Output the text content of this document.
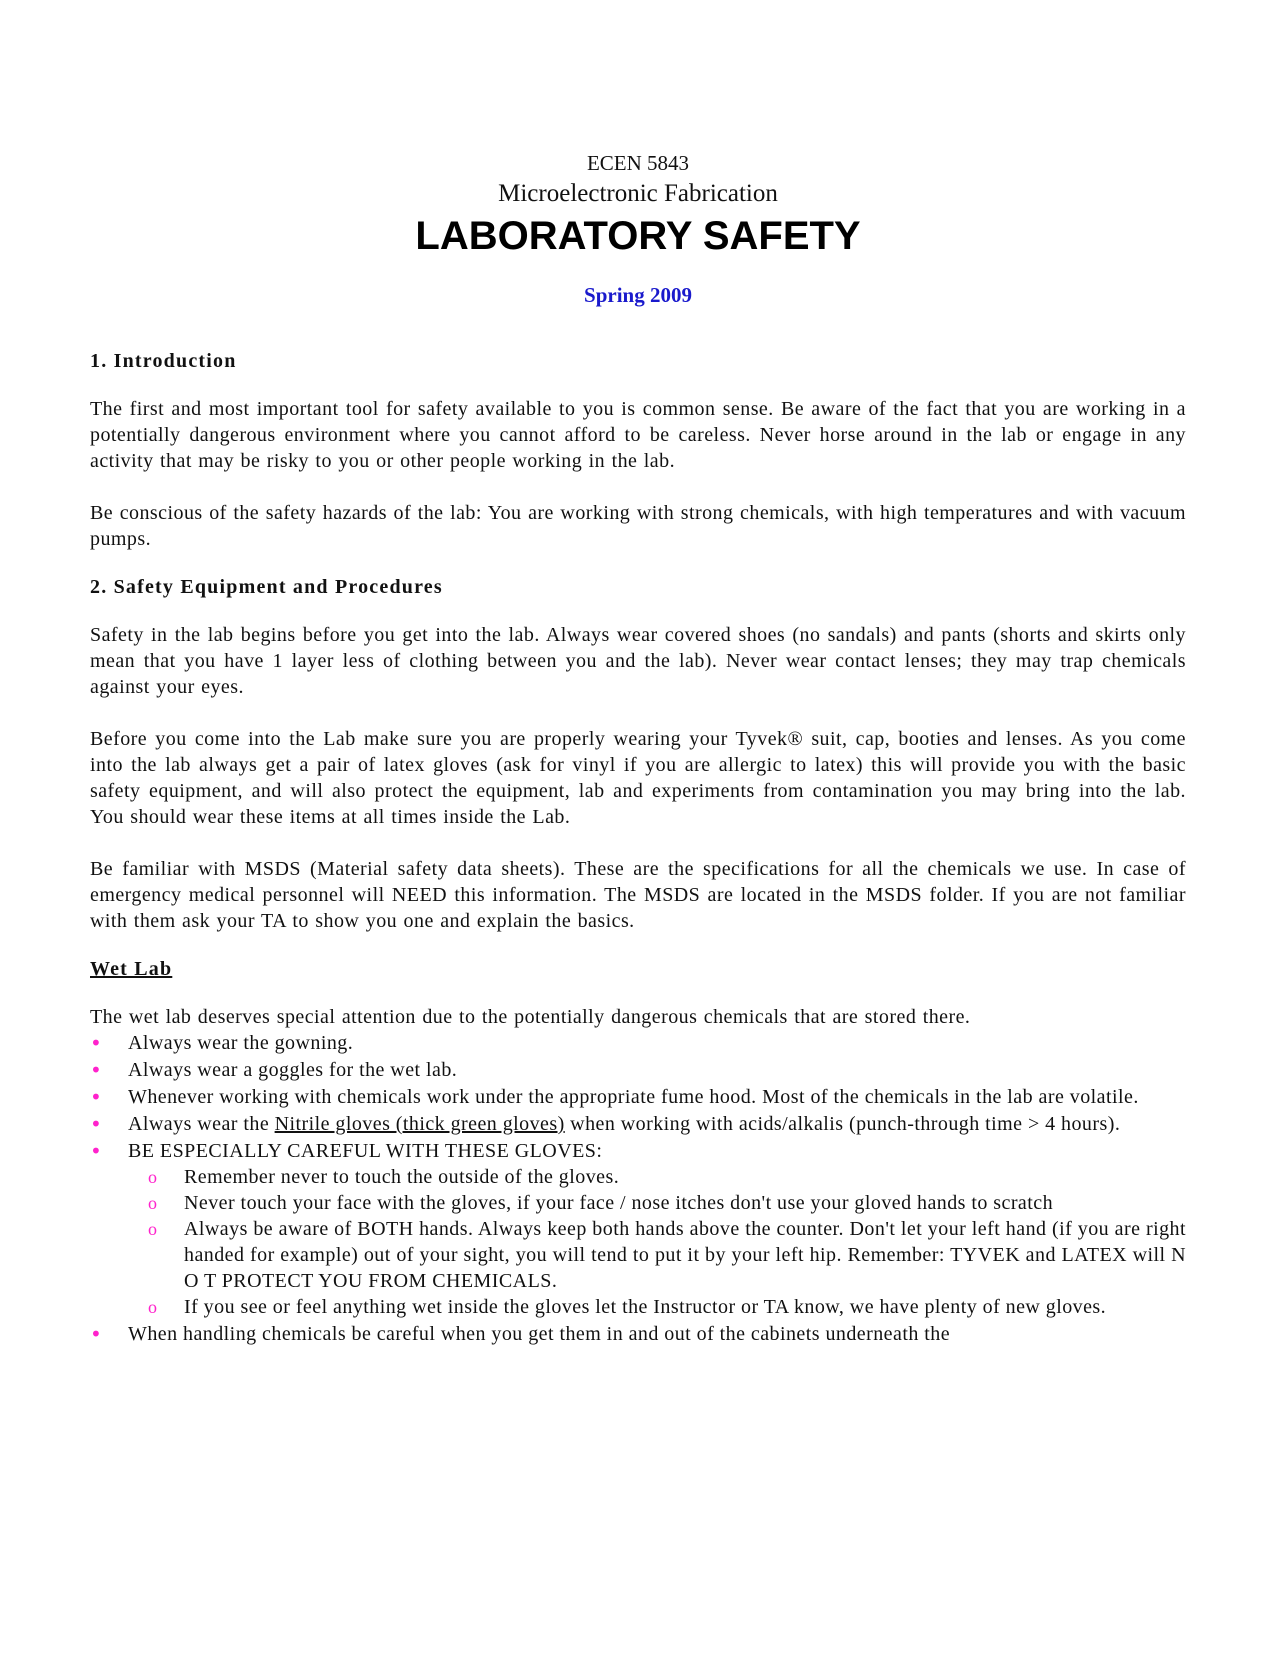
ECEN 5843
Microelectronic Fabrication
LABORATORY SAFETY
Spring 2009
1. Introduction

The first and most important tool for safety available to you is common sense. Be aware of the fact that you are working in a potentially dangerous environment where you cannot afford to be careless. Never horse around in the lab or engage in any activity that may be risky to you or other people working in the lab.

Be conscious of the safety hazards of the lab: You are working with strong chemicals, with high temperatures and with vacuum pumps.

2. Safety Equipment and Procedures

Safety in the lab begins before you get into the lab. Always wear covered shoes (no sandals) and pants (shorts and skirts only mean that you have 1 layer less of clothing between you and the lab). Never wear contact lenses; they may trap chemicals against your eyes.

Before you come into the Lab make sure you are properly wearing your Tyvek® suit, cap, booties and lenses. As you come into the lab always get a pair of latex gloves (ask for vinyl if you are allergic to latex) this will provide you with the basic safety equipment, and will also protect the equipment, lab and experiments from contamination you may bring into the lab. You should wear these items at all times inside the Lab.

Be familiar with MSDS (Material safety data sheets). These are the specifications for all the chemicals we use. In case of emergency medical personnel will NEED this information. The MSDS are located in the MSDS folder. If you are not familiar with them ask your TA to show you one and explain the basics.

Wet Lab

The wet lab deserves special attention due to the potentially dangerous chemicals that are stored there.

• Always wear the gowning.
• Always wear a goggles for the wet lab.
• Whenever working with chemicals work under the appropriate fume hood. Most of the chemicals in the lab are volatile.
• Always wear the Nitrile gloves (thick green gloves) when working with acids/alkalis (punch-through time > 4 hours).
• BE ESPECIALLY CAREFUL WITH THESE GLOVES:
o Remember never to touch the outside of the gloves.
o Never touch your face with the gloves, if your face / nose itches don't use your gloved hands to scratch
o Always be aware of BOTH hands. Always keep both hands above the counter. Don't let your left hand (if you are right handed for example) out of your sight, you will tend to put it by your left hip. Remember: TYVEK and LATEX will N O T PROTECT YOU FROM CHEMICALS.
o If you see or feel anything wet inside the gloves let the Instructor or TA know, we have plenty of new gloves.
• When handling chemicals be careful when you get them in and out of the cabinets underneath the
